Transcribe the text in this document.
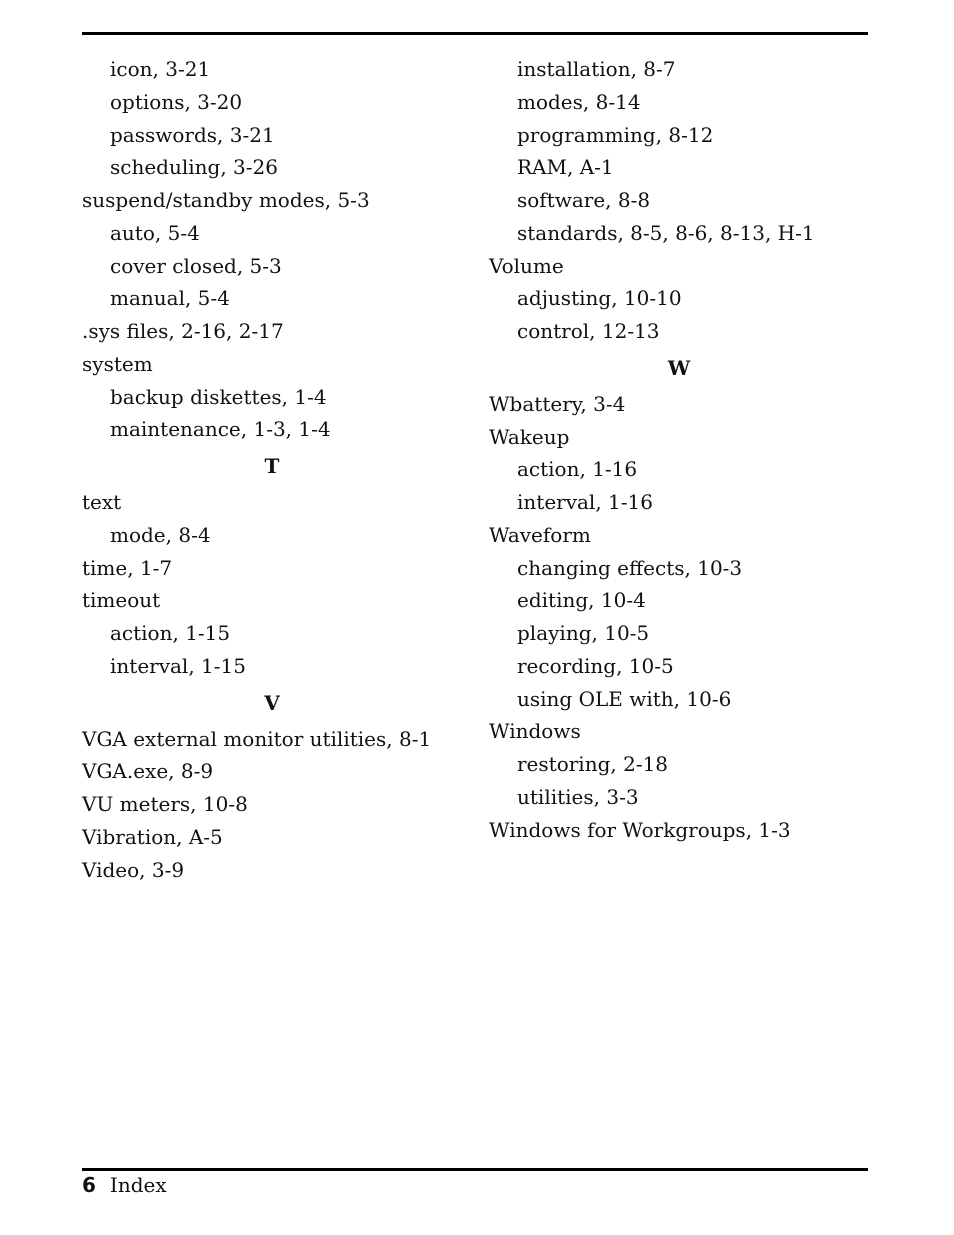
icon, 3-21
options, 3-20
passwords, 3-21
scheduling, 3-26
suspend/standby modes, 5-3
auto, 5-4
cover closed, 5-3
manual, 5-4
.sys files, 2-16, 2-17
system
backup diskettes, 1-4
maintenance, 1-3, 1-4
T
text
mode, 8-4
time, 1-7
timeout
action, 1-15
interval, 1-15
V
VGA external monitor utilities, 8-1
VGA.exe, 8-9
VU meters, 10-8
Vibration, A-5
Video, 3-9
installation, 8-7
modes, 8-14
programming, 8-12
RAM, A-1
software, 8-8
standards, 8-5, 8-6, 8-13, H-1
Volume
adjusting, 10-10
control, 12-13
W
Wbattery, 3-4
Wakeup
action, 1-16
interval, 1-16
Waveform
changing effects, 10-3
editing, 10-4
playing, 10-5
recording, 10-5
using OLE with, 10-6
Windows
restoring, 2-18
utilities, 3-3
Windows for Workgroups, 1-3
6 Index
